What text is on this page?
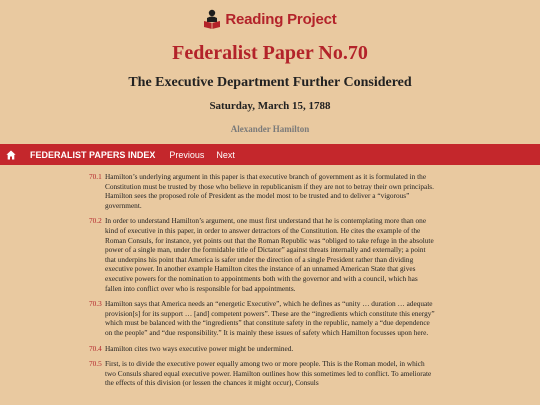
Reading Project
Federalist Paper No.70
The Executive Department Further Considered
Saturday, March 15, 1788
Alexander Hamilton
FEDERALIST PAPERS INDEX Previous Next
70.1 Hamilton’s underlying argument in this paper is that executive branch of government as it is formulated in the Constitution must be trusted by those who believe in republicanism if they are not to betray their own principals. Hamilton sees the proposed role of President as the model most to be trusted and to deliver a “vigorous” government.
70.2 In order to understand Hamilton’s argument, one must first understand that he is contemplating more than one kind of executive in this paper, in order to answer detractors of the Constitution. He cites the example of the Roman Consuls, for instance, yet points out that the Roman Republic was “obliged to take refuge in the absolute power of a single man, under the formidable title of Dictator” against threats internally and externally; a point that underpins his point that America is safer under the direction of a single President rather than dividing executive power. In another example Hamilton cites the instance of an unnamed American State that gives executive powers for the nomination to appointments both with the governor and with a council, which has fallen into conflict over who is responsible for bad appointments.
70.3 Hamilton says that America needs an “energetic Executive”, which he defines as “unity … duration … adequate provision[s] for its support … [and] competent powers”. These are the “ingredients which constitute this energy” which must be balanced with the “ingredients” that constitute safety in the republic, namely a “due dependence on the people” and “due responsibility.” It is mainly these issues of safety which Hamilton focusses upon here.
70.4 Hamilton cites two ways executive power might be undermined.
70.5 First, is to divide the executive power equally among two or more people. This is the Roman model, in which two Consuls shared equal executive power. Hamilton outlines how this sometimes led to conflict. To ameliorate the effects of this division (or lessen the chances it might occur), Consuls
